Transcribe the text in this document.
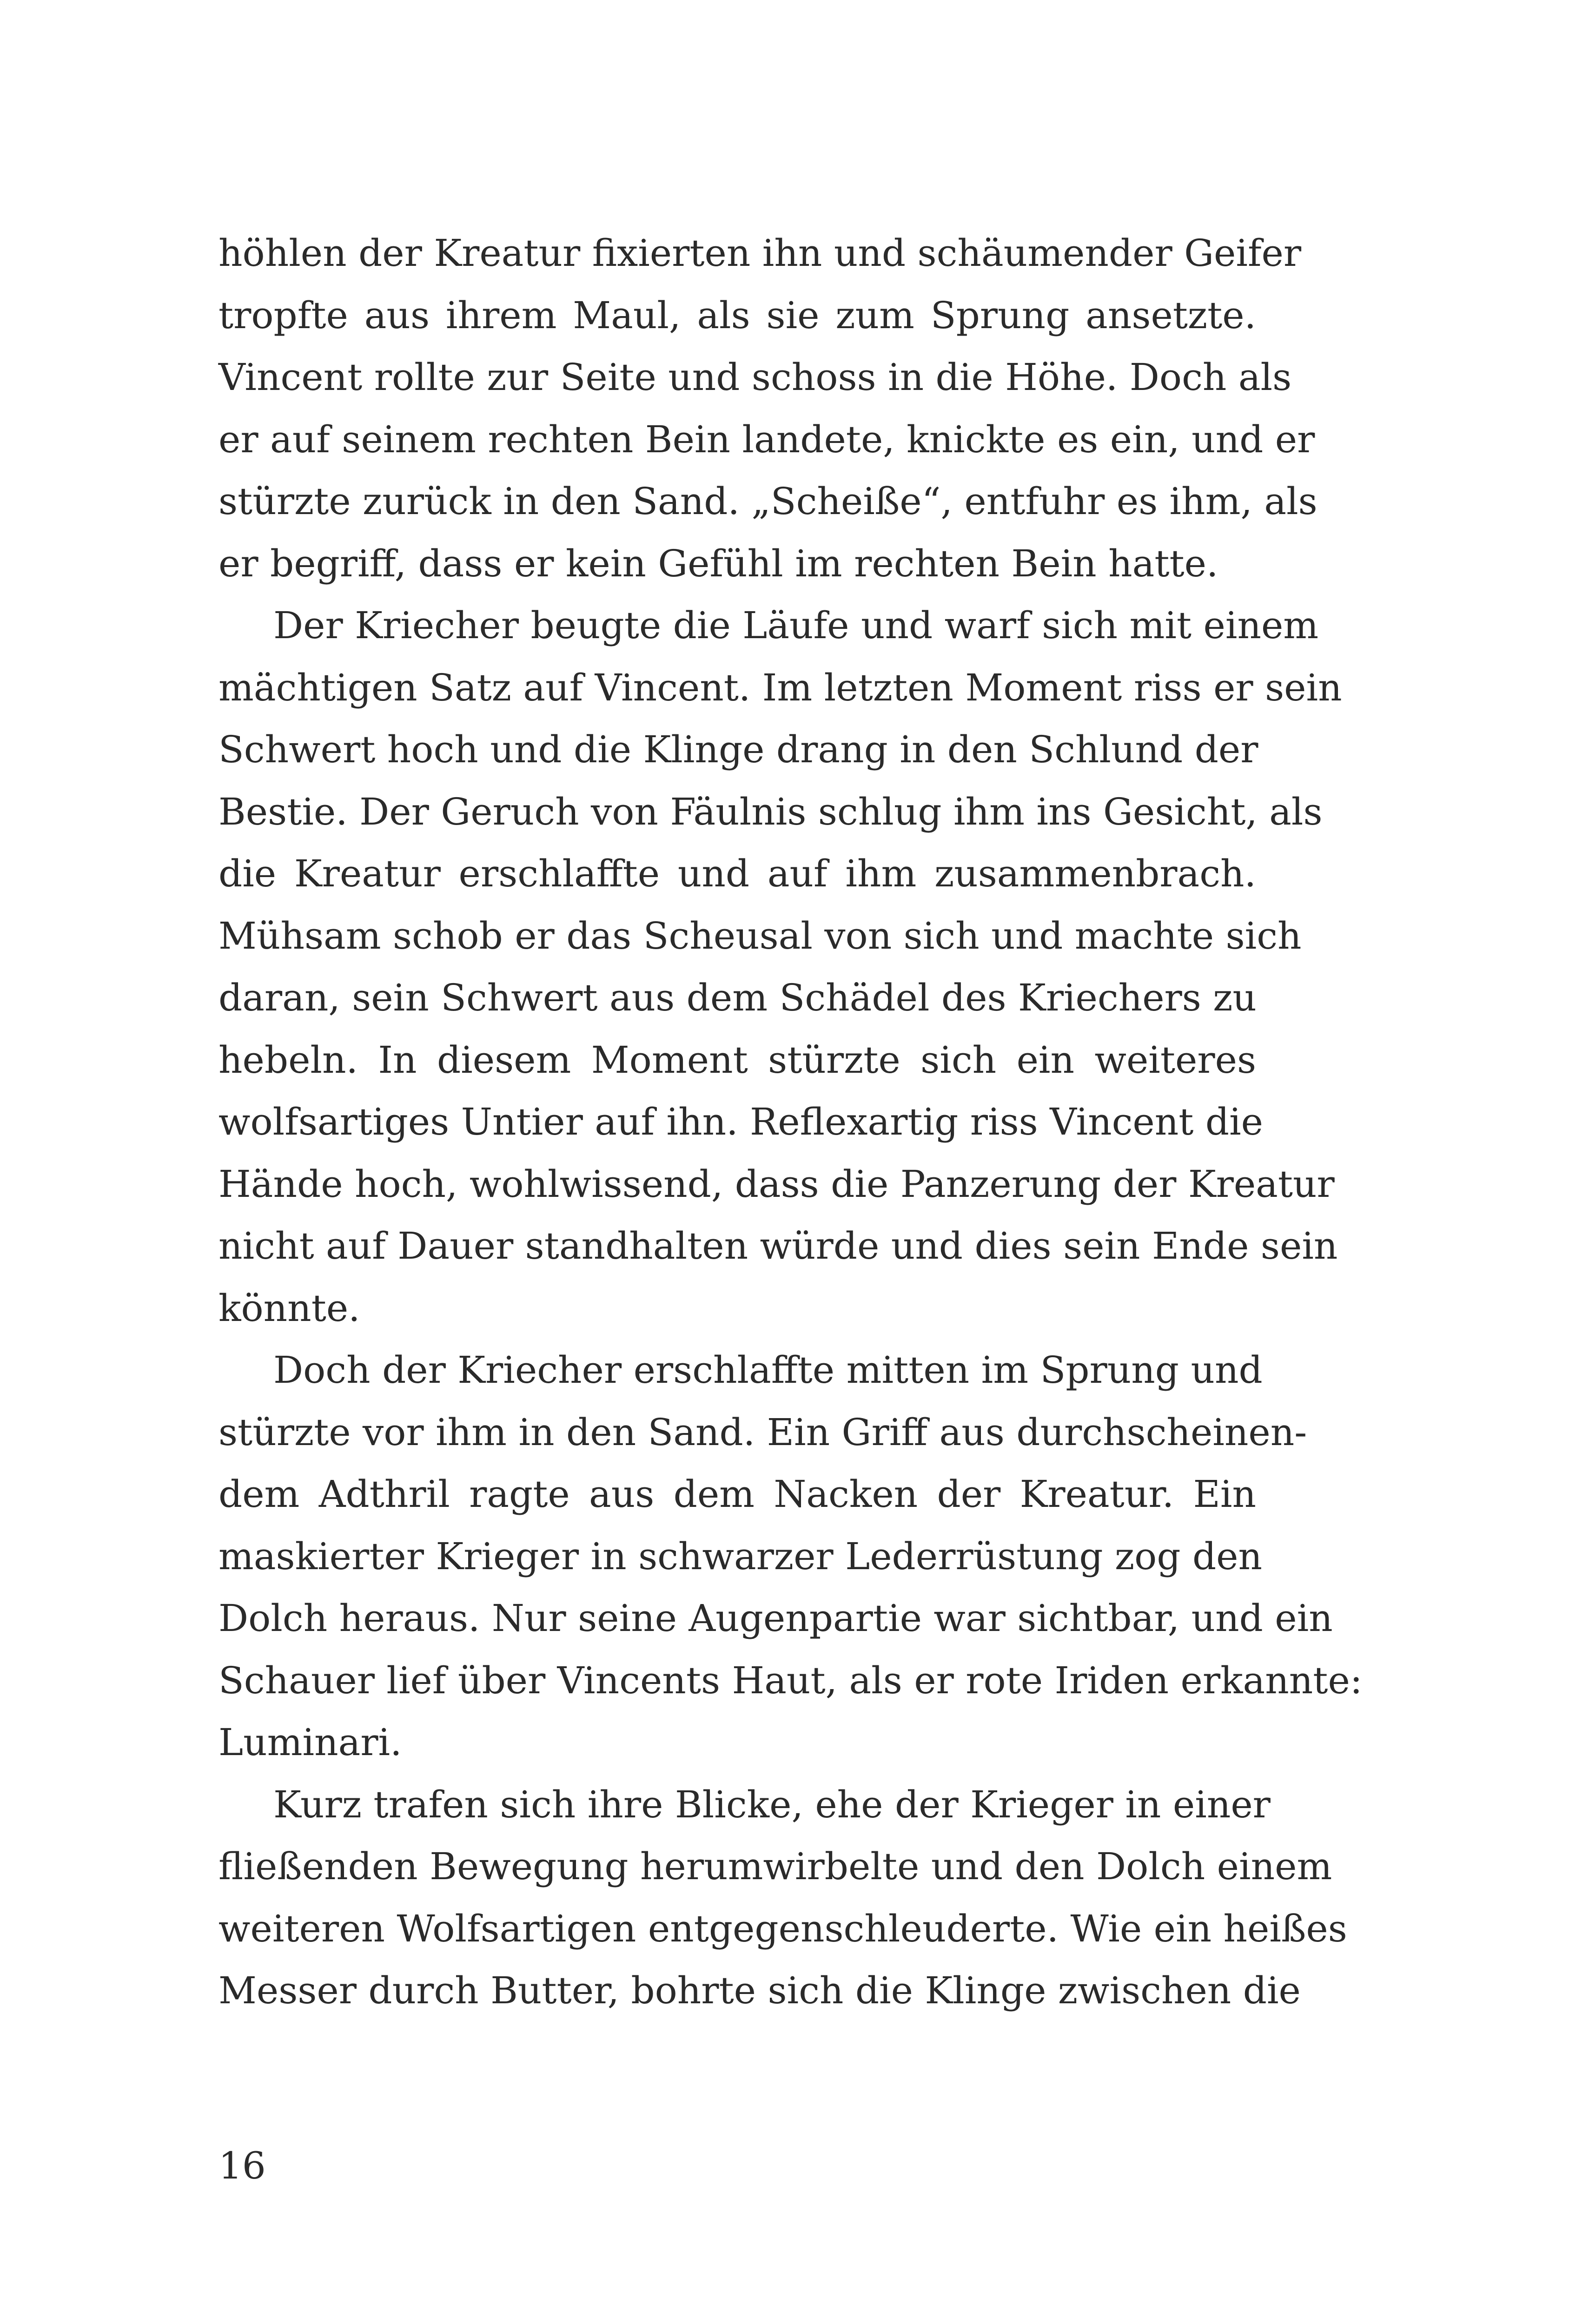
höhlen der Kreatur fixierten ihn und schäumender Geifer
tropfte aus ihrem Maul, als sie zum Sprung ansetzte.
Vincent rollte zur Seite und schoss in die Höhe. Doch als
er auf seinem rechten Bein landete, knickte es ein, und er
stürzte zurück in den Sand. „Scheiße“, entfuhr es ihm, als
er begriff, dass er kein Gefühl im rechten Bein hatte.
Der Kriecher beugte die Läufe und warf sich mit einem
mächtigen Satz auf Vincent. Im letzten Moment riss er sein
Schwert hoch und die Klinge drang in den Schlund der
Bestie. Der Geruch von Fäulnis schlug ihm ins Gesicht, als
die Kreatur erschlaffte und auf ihm zusammenbrach.
Mühsam schob er das Scheusal von sich und machte sich
daran, sein Schwert aus dem Schädel des Kriechers zu
hebeln. In diesem Moment stürzte sich ein weiteres
wolfsartiges Untier auf ihn. Reflexartig riss Vincent die
Hände hoch, wohlwissend, dass die Panzerung der Kreatur
nicht auf Dauer standhalten würde und dies sein Ende sein
könnte.
Doch der Kriecher erschlaffte mitten im Sprung und
stürzte vor ihm in den Sand. Ein Griff aus durchscheinen-
dem Adthril ragte aus dem Nacken der Kreatur. Ein
maskierter Krieger in schwarzer Lederrüstung zog den
Dolch heraus. Nur seine Augenpartie war sichtbar, und ein
Schauer lief über Vincents Haut, als er rote Iriden erkannte:
Luminari.
Kurz trafen sich ihre Blicke, ehe der Krieger in einer
fließenden Bewegung herumwirbelte und den Dolch einem
weiteren Wolfsartigen entgegenschleuderte. Wie ein heißes
Messer durch Butter, bohrte sich die Klinge zwischen die
16
